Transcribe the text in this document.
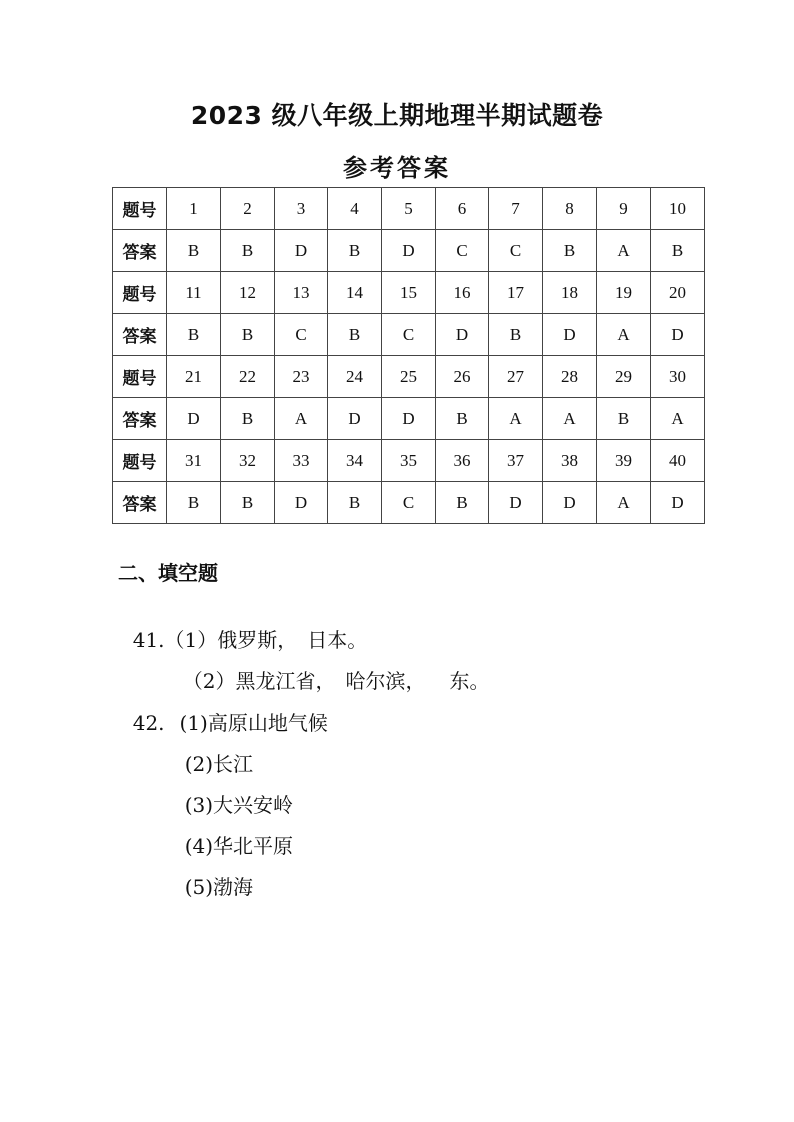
2023 级八年级上期地理半期试题卷
参考答案
题号	1	2	3	4	5	6	7	8	9	10
答案	B	B	D	B	D	C	C	B	A	B
题号	11	12	13	14	15	16	17	18	19	20
答案	B	B	C	B	C	D	B	D	A	D
题号	21	22	23	24	25	26	27	28	29	30
答案	D	B	A	D	D	B	A	A	B	A
题号	31	32	33	34	35	36	37	38	39	40
答案	B	B	D	B	C	B	D	D	A	D
二、填空题

41.（1）俄罗斯， 日本。

（2）黑龙江省， 哈尔滨， 东。

42. (1)高原山地气候

(2)长江

(3)大兴安岭

(4)华北平原

(5)渤海
